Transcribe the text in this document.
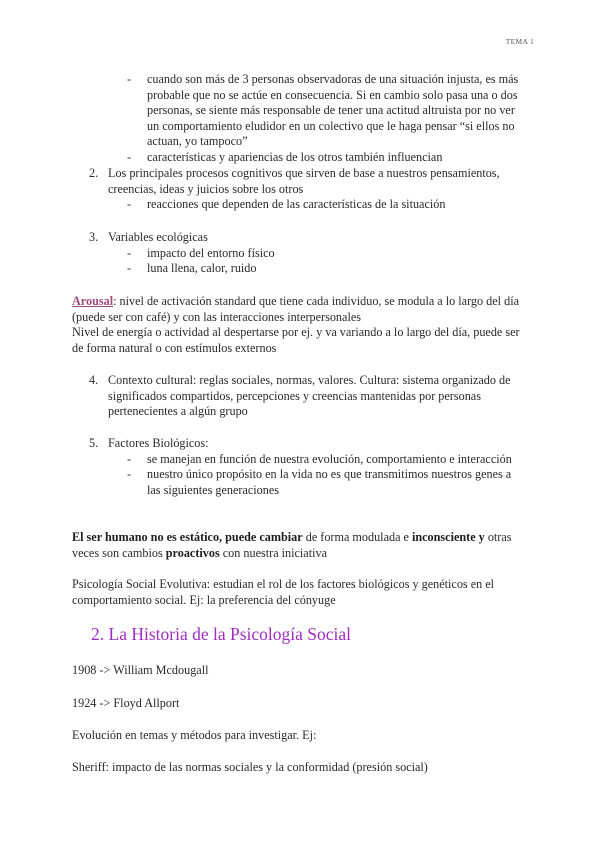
TEMA 1
- cuando son más de 3 personas observadoras de una situación injusta, es más probable que no se actúe en consecuencia. Si en cambio solo pasa una o dos personas, se siente más responsable de tener una actitud altruista por no ver un comportamiento eludidor en un colectivo que le haga pensar “si ellos no actuan, yo tampoco”
- características y apariencias de los otros también influencian
2. Los principales procesos cognitivos que sirven de base a nuestros pensamientos, creencias, ideas y juicios sobre los otros
- reacciones que dependen de las características de la situación
3. Variables ecológicas
- impacto del entorno físico
- luna llena, calor, ruido
Arousal: nivel de activación standard que tiene cada individuo, se modula a lo largo del día (puede ser con café) y con las interacciones interpersonales
Nivel de energía o actividad al despertarse por ej. y va variando a lo largo del día, puede ser de forma natural o con estímulos externos
4. Contexto cultural: reglas sociales, normas, valores. Cultura: sistema organizado de significados compartidos, percepciones y creencias mantenidas por personas pertenecientes a algún grupo
5. Factores Biológicos:
- se manejan en función de nuestra evolución, comportamiento e interacción
- nuestro único propósito en la vida no es que transmitimos nuestros genes a las siguientes generaciones
El ser humano no es estático, puede cambiar de forma modulada e inconsciente y otras veces son cambios proactivos con nuestra iniciativa
Psicología Social Evolutiva: estudian el rol de los factores biológicos y genéticos en el comportamiento social. Ej: la preferencia del cónyuge
2. La Historia de la Psicología Social
1908 -> William Mcdougall
1924 -> Floyd Allport
Evolución en temas y métodos para investigar. Ej:
Sheriff: impacto de las normas sociales y la conformidad (presión social)
